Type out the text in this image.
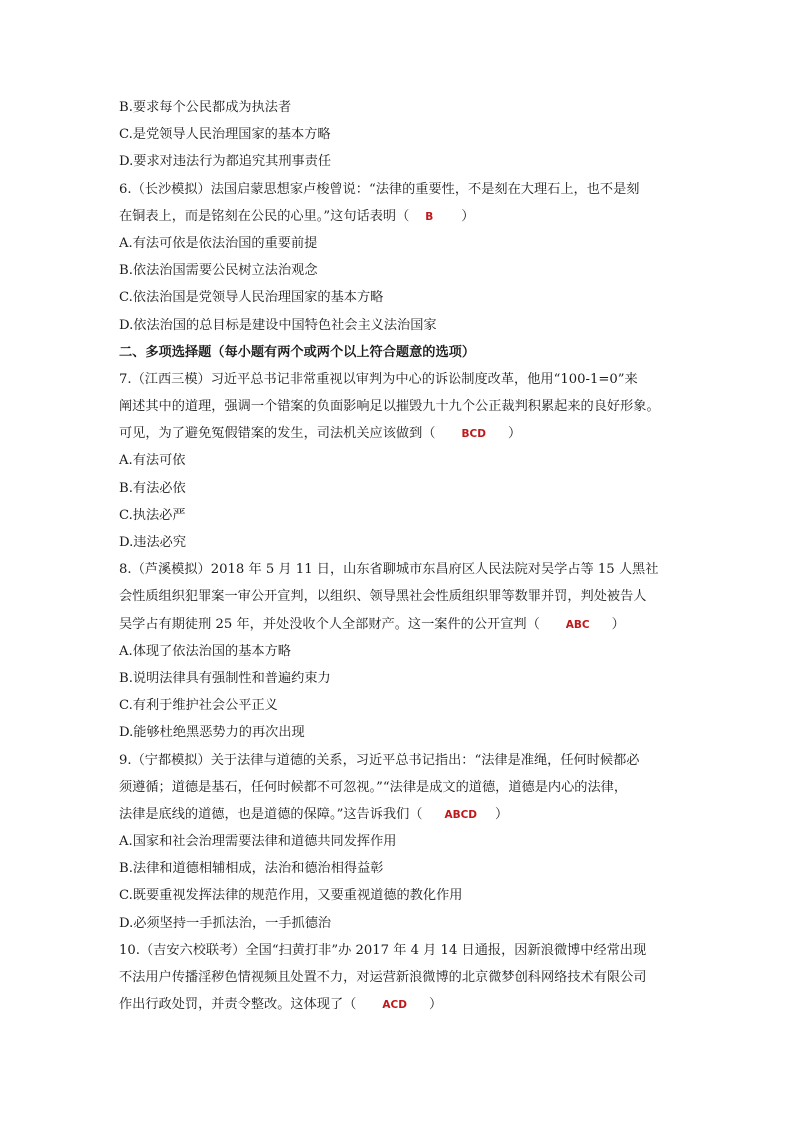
B.要求每个公民都成为执法者
C.是党领导人民治理国家的基本方略
D.要求对违法行为都追究其刑事责任
6.（长沙模拟）法国启蒙思想家卢梭曾说：“法律的重要性，不是刻在大理石上，也不是刻
在铜表上，而是铭刻在公民的心里。”这句话表明（ B ）
A.有法可依是依法治国的重要前提
B.依法治国需要公民树立法治观念
C.依法治国是党领导人民治理国家的基本方略
D.依法治国的总目标是建设中国特色社会主义法治国家
二、多项选择题（每小题有两个或两个以上符合题意的选项）
7.（江西三模）习近平总书记非常重视以审判为中心的诉讼制度改革，他用“100-1=0”来
阐述其中的道理，强调一个错案的负面影响足以摧毁九十九个公正裁判积累起来的良好形象。
可见，为了避免冤假错案的发生，司法机关应该做到（ BCD ）
A.有法可依
B.有法必依
C.执法必严
D.违法必究
8.（芦溪模拟）2018 年 5 月 11 日，山东省聊城市东昌府区人民法院对吴学占等 15 人黑社
会性质组织犯罪案一审公开宣判，以组织、领导黑社会性质组织罪等数罪并罚，判处被告人
吴学占有期徒刑 25 年，并处没收个人全部财产。这一案件的公开宣判（ ABC ）
A.体现了依法治国的基本方略
B.说明法律具有强制性和普遍约束力
C.有利于维护社会公平正义
D.能够杜绝黑恶势力的再次出现
9.（宁都模拟）关于法律与道德的关系，习近平总书记指出：“法律是准绳，任何时候都必
须遵循；道德是基石，任何时候都不可忽视。”“法律是成文的道德，道德是内心的法律，
法律是底线的道德，也是道德的保障。”这告诉我们（ ABCD ）
A.国家和社会治理需要法律和道德共同发挥作用
B.法律和道德相辅相成，法治和德治相得益彰
C.既要重视发挥法律的规范作用，又要重视道德的教化作用
D.必须坚持一手抓法治，一手抓德治
10.（吉安六校联考）全国“扫黄打非”办 2017 年 4 月 14 日通报，因新浪微博中经常出现
不法用户传播淫秽色情视频且处置不力，对运营新浪微博的北京微梦创科网络技术有限公司
作出行政处罚，并责令整改。这体现了（ ACD ）
